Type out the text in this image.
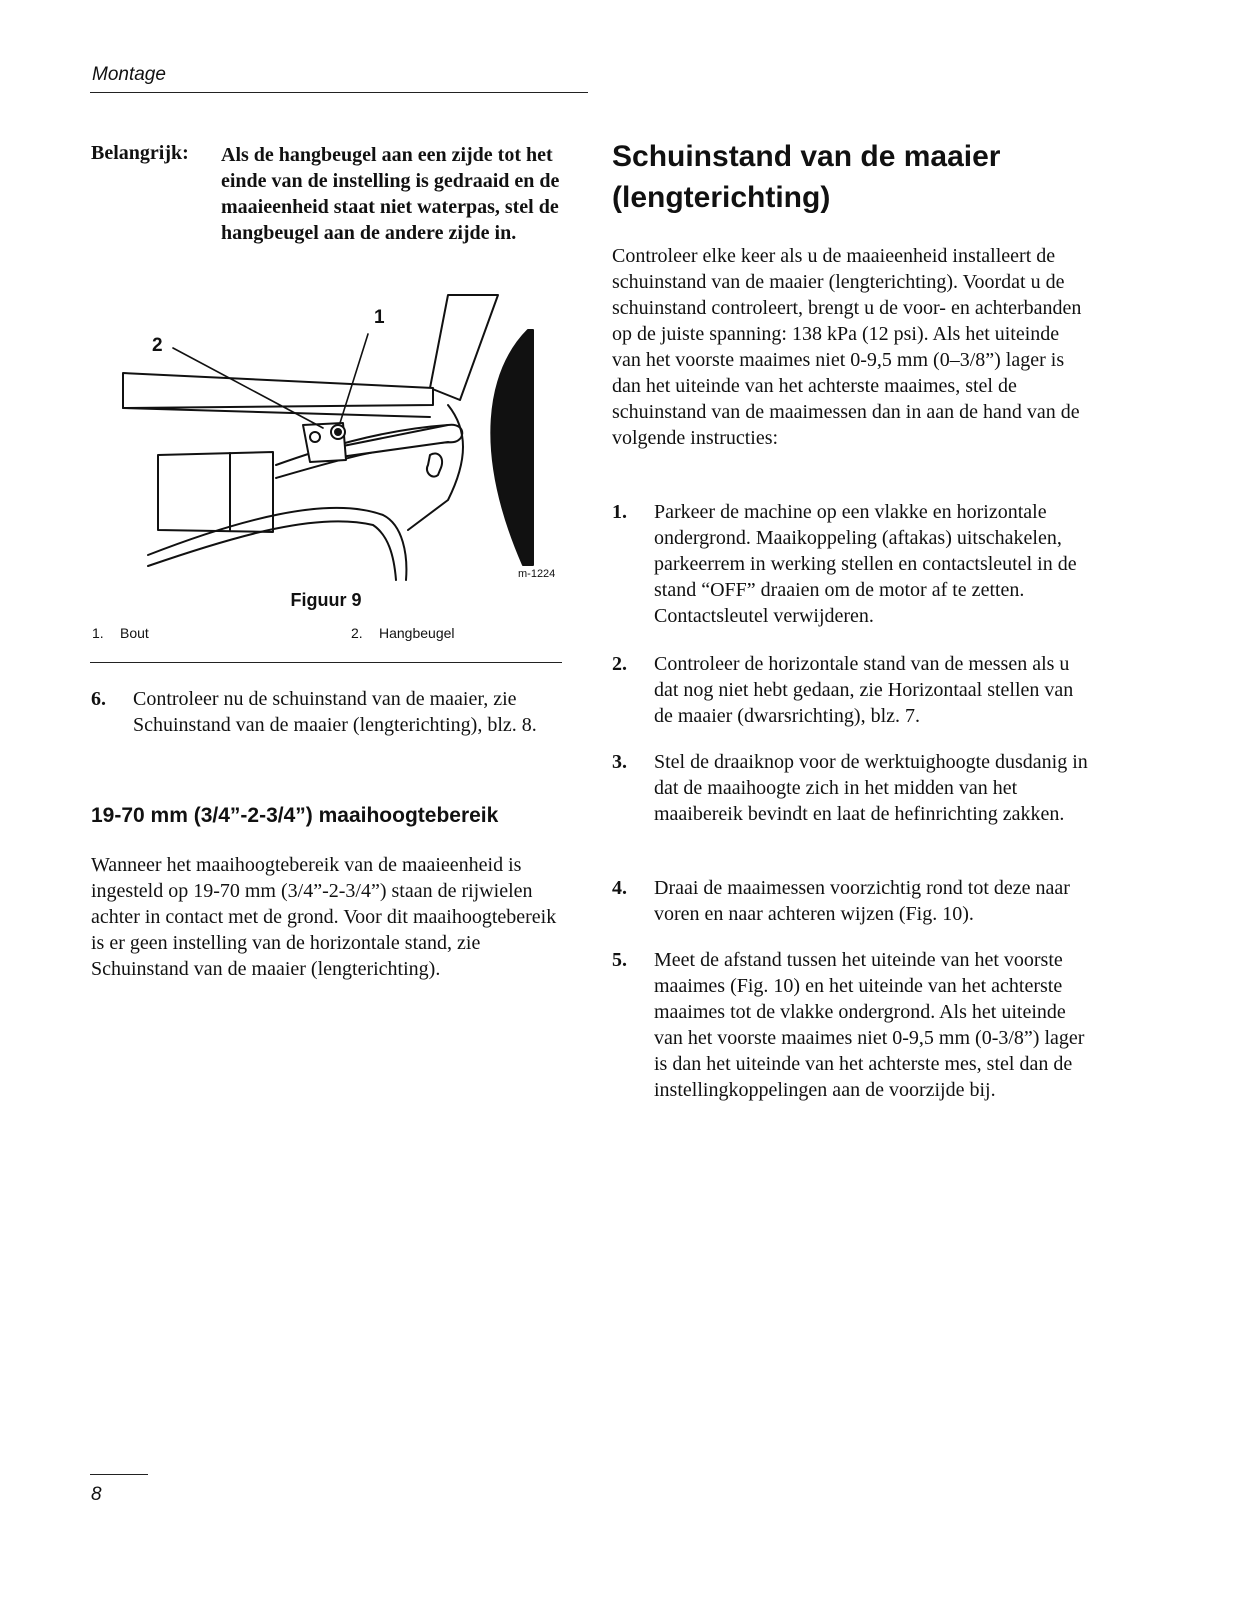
Montage
Belangrijk: Als de hangbeugel aan een zijde tot het einde van de instelling is gedraaid en de maaieenheid staat niet waterpas, stel de hangbeugel aan de andere zijde in.
1
2
m-1224
Figuur 9
1. Bout	2. Hangbeugel
6. Controleer nu de schuinstand van de maaier, zie Schuinstand van de maaier (lengterichting), blz. 8.
19-70 mm (3/4”-2-3/4”) maaihoogtebereik
Wanneer het maaihoogtebereik van de maaieenheid is ingesteld op 19-70 mm (3/4”-2-3/4”) staan de rijwielen achter in contact met de grond. Voor dit maaihoogtebereik is er geen instelling van de horizontale stand, zie Schuinstand van de maaier (lengterichting).
Schuinstand van de maaier (lengterichting)
Controleer elke keer als u de maaieenheid installeert de schuinstand van de maaier (lengterichting). Voordat u de schuinstand controleert, brengt u de voor- en achterbanden op de juiste spanning: 138 kPa (12 psi). Als het uiteinde van het voorste maaimes niet 0-9,5 mm (0–3/8”) lager is dan het uiteinde van het achterste maaimes, stel de schuinstand van de maaimessen dan in aan de hand van de volgende instructies:
1. Parkeer de machine op een vlakke en horizontale ondergrond. Maaikoppeling (aftakas) uitschakelen, parkeerrem in werking stellen en contactsleutel in de stand “OFF” draaien om de motor af te zetten. Contactsleutel verwijderen.
2. Controleer de horizontale stand van de messen als u dat nog niet hebt gedaan, zie Horizontaal stellen van de maaier (dwarsrichting), blz. 7.
3. Stel de draaiknop voor de werktuighoogte dusdanig in dat de maaihoogte zich in het midden van het maaibereik bevindt en laat de hefinrichting zakken.
4. Draai de maaimessen voorzichtig rond tot deze naar voren en naar achteren wijzen (Fig. 10).
5. Meet de afstand tussen het uiteinde van het voorste maaimes (Fig. 10) en het uiteinde van het achterste maaimes tot de vlakke ondergrond. Als het uiteinde van het voorste maaimes niet 0-9,5 mm (0-3/8”) lager is dan het uiteinde van het achterste mes, stel dan de instellingkoppelingen aan de voorzijde bij.
8
